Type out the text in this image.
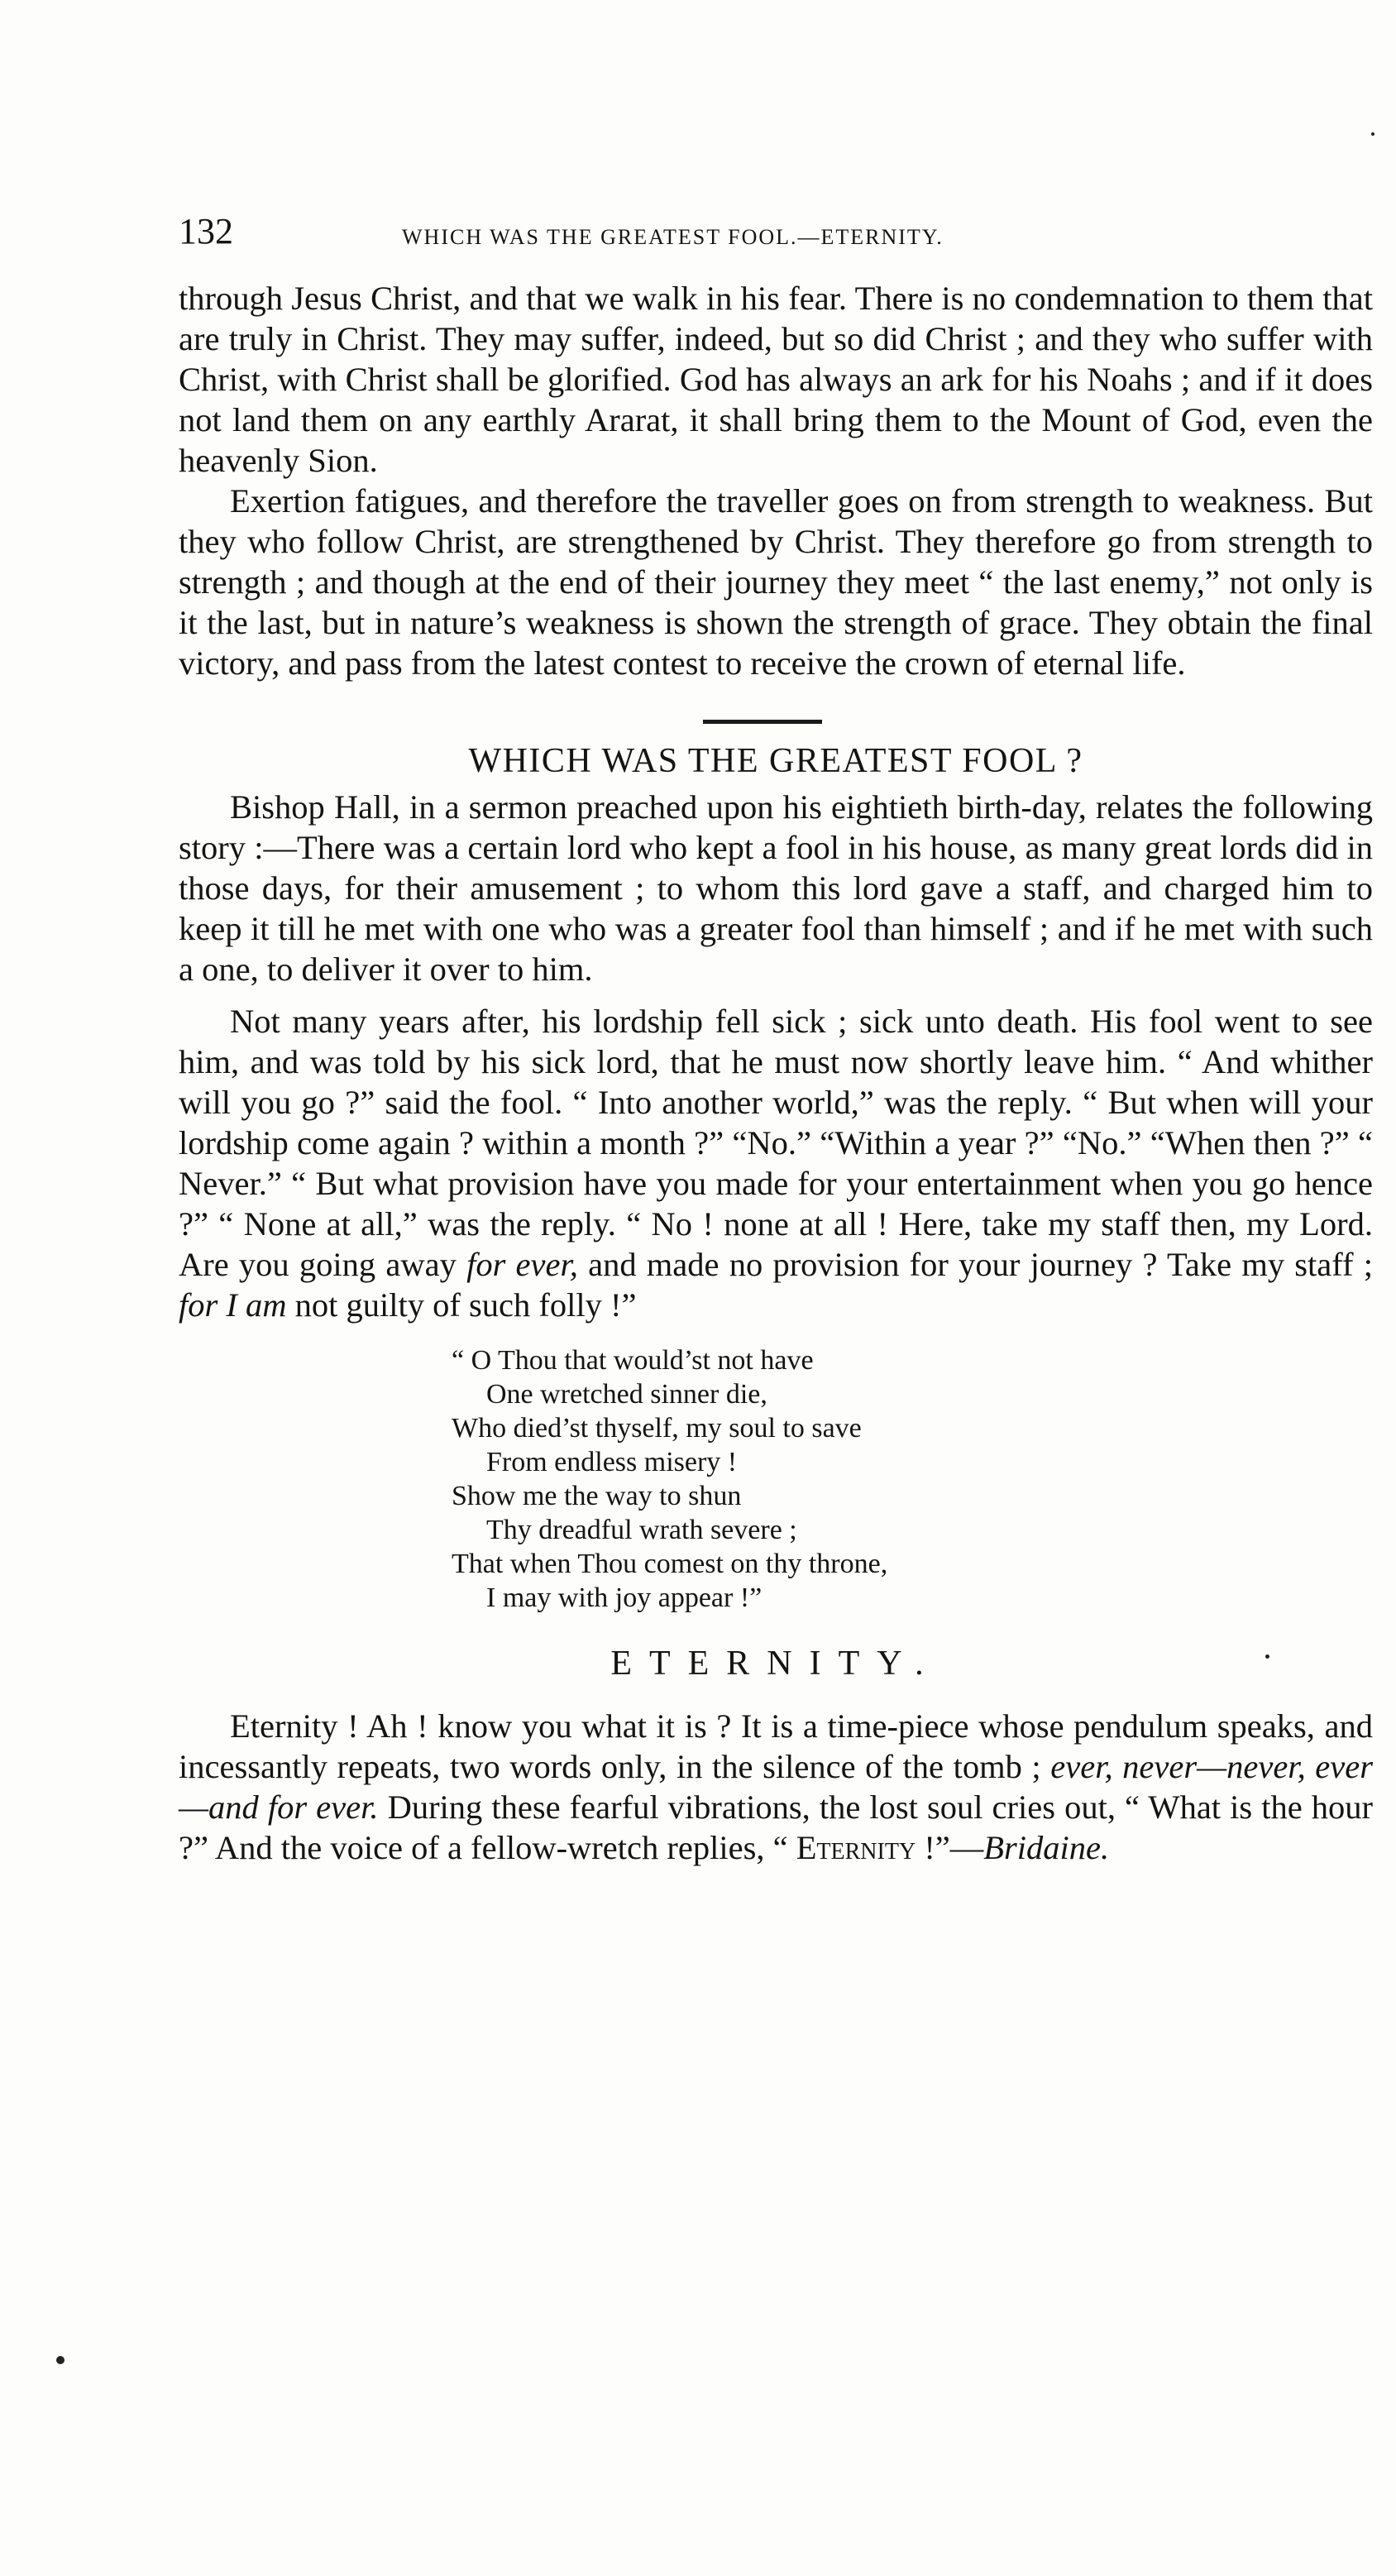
132	WHICH WAS THE GREATEST FOOL.—ETERNITY.

through Jesus Christ, and that we walk in his fear. There is no condemnation to them that are truly in Christ. They may suffer, indeed, but so did Christ ; and they who suffer with Christ, with Christ shall be glorified. God has always an ark for his Noahs ; and if it does not land them on any earthly Ararat, it shall bring them to the Mount of God, even the heavenly Sion.

Exertion fatigues, and therefore the traveller goes on from strength to weakness. But they who follow Christ, are strengthened by Christ. They therefore go from strength to strength ; and though at the end of their journey they meet “ the last enemy,” not only is it the last, but in nature’s weakness is shown the strength of grace. They obtain the final victory, and pass from the latest contest to receive the crown of eternal life.

WHICH WAS THE GREATEST FOOL ?

Bishop Hall, in a sermon preached upon his eightieth birth-day, relates the following story :—There was a certain lord who kept a fool in his house, as many great lords did in those days, for their amusement ; to whom this lord gave a staff, and charged him to keep it till he met with one who was a greater fool than himself ; and if he met with such a one, to deliver it over to him.

Not many years after, his lordship fell sick ; sick unto death. His fool went to see him, and was told by his sick lord, that he must now shortly leave him. “ And whither will you go ?” said the fool. “ Into another world,” was the reply. “ But when will your lordship come again ? within a month ?” “No.” “Within a year ?” “No.” “When then ?” “ Never.” “ But what provision have you made for your entertainment when you go hence ?” “ None at all,” was the reply. “ No ! none at all ! Here, take my staff then, my Lord. Are you going away for ever, and made no provision for your journey ? Take my staff ; for I am not guilty of such folly !”

“ O Thou that would’st not have
One wretched sinner die,
Who died’st thyself, my soul to save
From endless misery !
Show me the way to shun
Thy dreadful wrath severe ;
That when Thou comest on thy throne,
I may with joy appear !”
ETERNITY.

Eternity ! Ah ! know you what it is ? It is a time-piece whose pendulum speaks, and incessantly repeats, two words only, in the silence of the tomb ; ever, never—never, ever—and for ever. During these fearful vibrations, the lost soul cries out, “ What is the hour ?” And the voice of a fellow-wretch replies, “ Eternity !”—Bridaine.
